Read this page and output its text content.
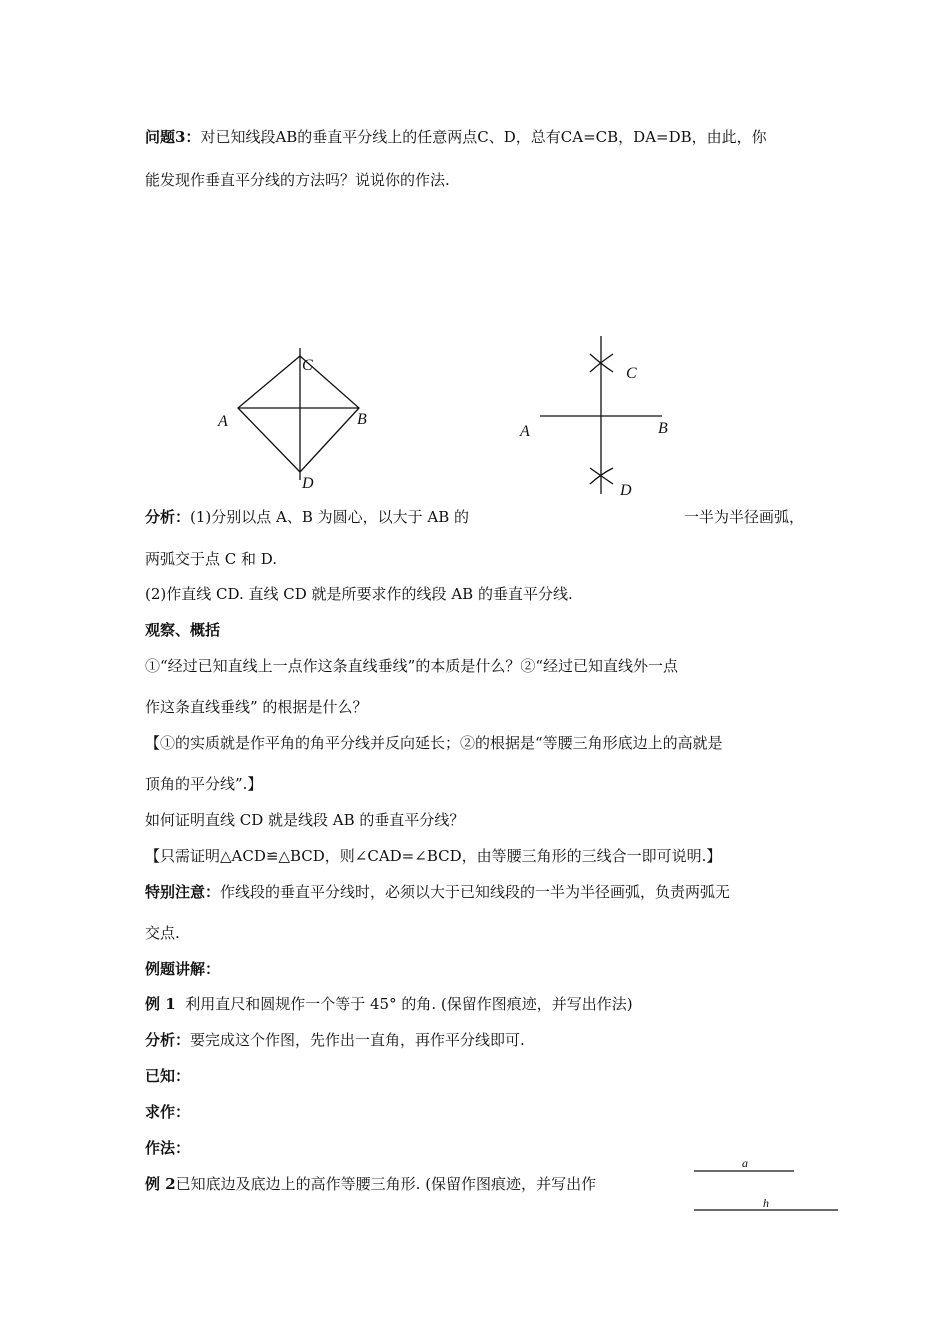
问题3：对已知线段AB的垂直平分线上的任意两点C、D，总有CA=CB，DA=DB，由此，你
能发现作垂直平分线的方法吗？说说你的作法.
C
A	B
D
C
A	B
D
分析：(1)分别以点 A、B 为圆心，以大于 AB 的	一半为半径画弧，
两弧交于点 C 和 D.
(2)作直线 CD. 直线 CD 就是所要求作的线段 AB 的垂直平分线.
观察、概括
①“经过已知直线上一点作这条直线垂线”的本质是什么？②“经过已知直线外一点
作这条直线垂线” 的根据是什么？
【①的实质就是作平角的角平分线并反向延长；②的根据是“等腰三角形底边上的高就是
顶角的平分线”.】
如何证明直线 CD 就是线段 AB 的垂直平分线？
【只需证明△ACD≌△BCD，则∠CAD=∠BCD，由等腰三角形的三线合一即可说明.】
特别注意：作线段的垂直平分线时，必须以大于已知线段的一半为半径画弧，负责两弧无
交点.
例题讲解：
例 1  利用直尺和圆规作一个等于 45° 的角. (保留作图痕迹，并写出作法)
分析：要完成这个作图，先作出一直角，再作平分线即可.
已知：
求作：
作法：
例 2已知底边及底边上的高作等腰三角形. (保留作图痕迹，并写出作
a
h
